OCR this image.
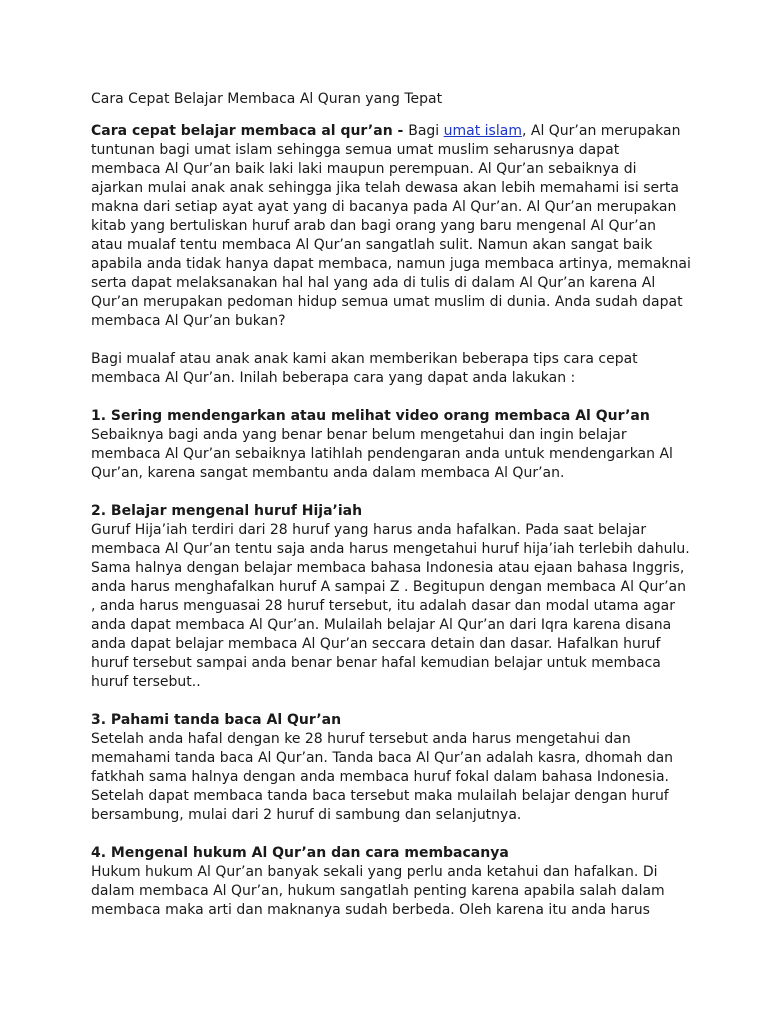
Cara Cepat Belajar Membaca Al Quran yang Tepat

Cara cepat belajar membaca al qur’an - Bagi umat islam, Al Qur’an merupakan tuntunan bagi umat islam sehingga semua umat muslim seharusnya dapat membaca Al Qur’an baik laki laki maupun perempuan. Al Qur’an sebaiknya di ajarkan mulai anak anak sehingga jika telah dewasa akan lebih memahami isi serta makna dari setiap ayat ayat yang di bacanya pada Al Qur’an. Al Qur’an merupakan kitab yang bertuliskan huruf arab dan bagi orang yang baru mengenal Al Qur’an atau mualaf tentu membaca Al Qur’an sangatlah sulit. Namun akan sangat baik apabila anda tidak hanya dapat membaca, namun juga membaca artinya, memaknai serta dapat melaksanakan hal hal yang ada di tulis di dalam Al Qur’an karena Al Qur’an merupakan pedoman hidup semua umat muslim di dunia. Anda sudah dapat membaca Al Qur’an bukan?

Bagi mualaf atau anak anak kami akan memberikan beberapa tips cara cepat membaca Al Qur’an. Inilah beberapa cara yang dapat anda lakukan :

1. Sering mendengarkan atau melihat video orang membaca Al Qur’an

Sebaiknya bagi anda yang benar benar belum mengetahui dan ingin belajar membaca Al Qur’an sebaiknya latihlah pendengaran anda untuk mendengarkan Al Qur’an, karena sangat membantu anda dalam membaca Al Qur’an.

2. Belajar mengenal huruf Hija’iah

Guruf Hija’iah terdiri dari 28 huruf yang harus anda hafalkan. Pada saat belajar membaca Al Qur’an tentu saja anda harus mengetahui huruf hija’iah terlebih dahulu. Sama halnya dengan belajar membaca bahasa Indonesia atau ejaan bahasa Inggris, anda harus menghafalkan huruf A sampai Z . Begitupun dengan membaca Al Qur’an , anda harus menguasai 28 huruf tersebut, itu adalah dasar dan modal utama agar anda dapat membaca Al Qur’an. Mulailah belajar Al Qur’an dari Iqra karena disana anda dapat belajar membaca Al Qur’an seccara detain dan dasar. Hafalkan huruf huruf tersebut sampai anda benar benar hafal kemudian belajar untuk membaca huruf tersebut..

3. Pahami tanda baca Al Qur’an

Setelah anda hafal dengan ke 28 huruf tersebut anda harus mengetahui dan memahami tanda baca Al Qur’an. Tanda baca Al Qur’an adalah kasra, dhomah dan fatkhah sama halnya dengan anda membaca huruf fokal dalam bahasa Indonesia. Setelah dapat membaca tanda baca tersebut maka mulailah belajar dengan huruf bersambung, mulai dari 2 huruf di sambung dan selanjutnya.

4. Mengenal hukum Al Qur’an dan cara membacanya

Hukum hukum Al Qur’an banyak sekali yang perlu anda ketahui dan hafalkan. Di dalam membaca Al Qur’an, hukum sangatlah penting karena apabila salah dalam membaca maka arti dan maknanya sudah berbeda. Oleh karena itu anda harus
